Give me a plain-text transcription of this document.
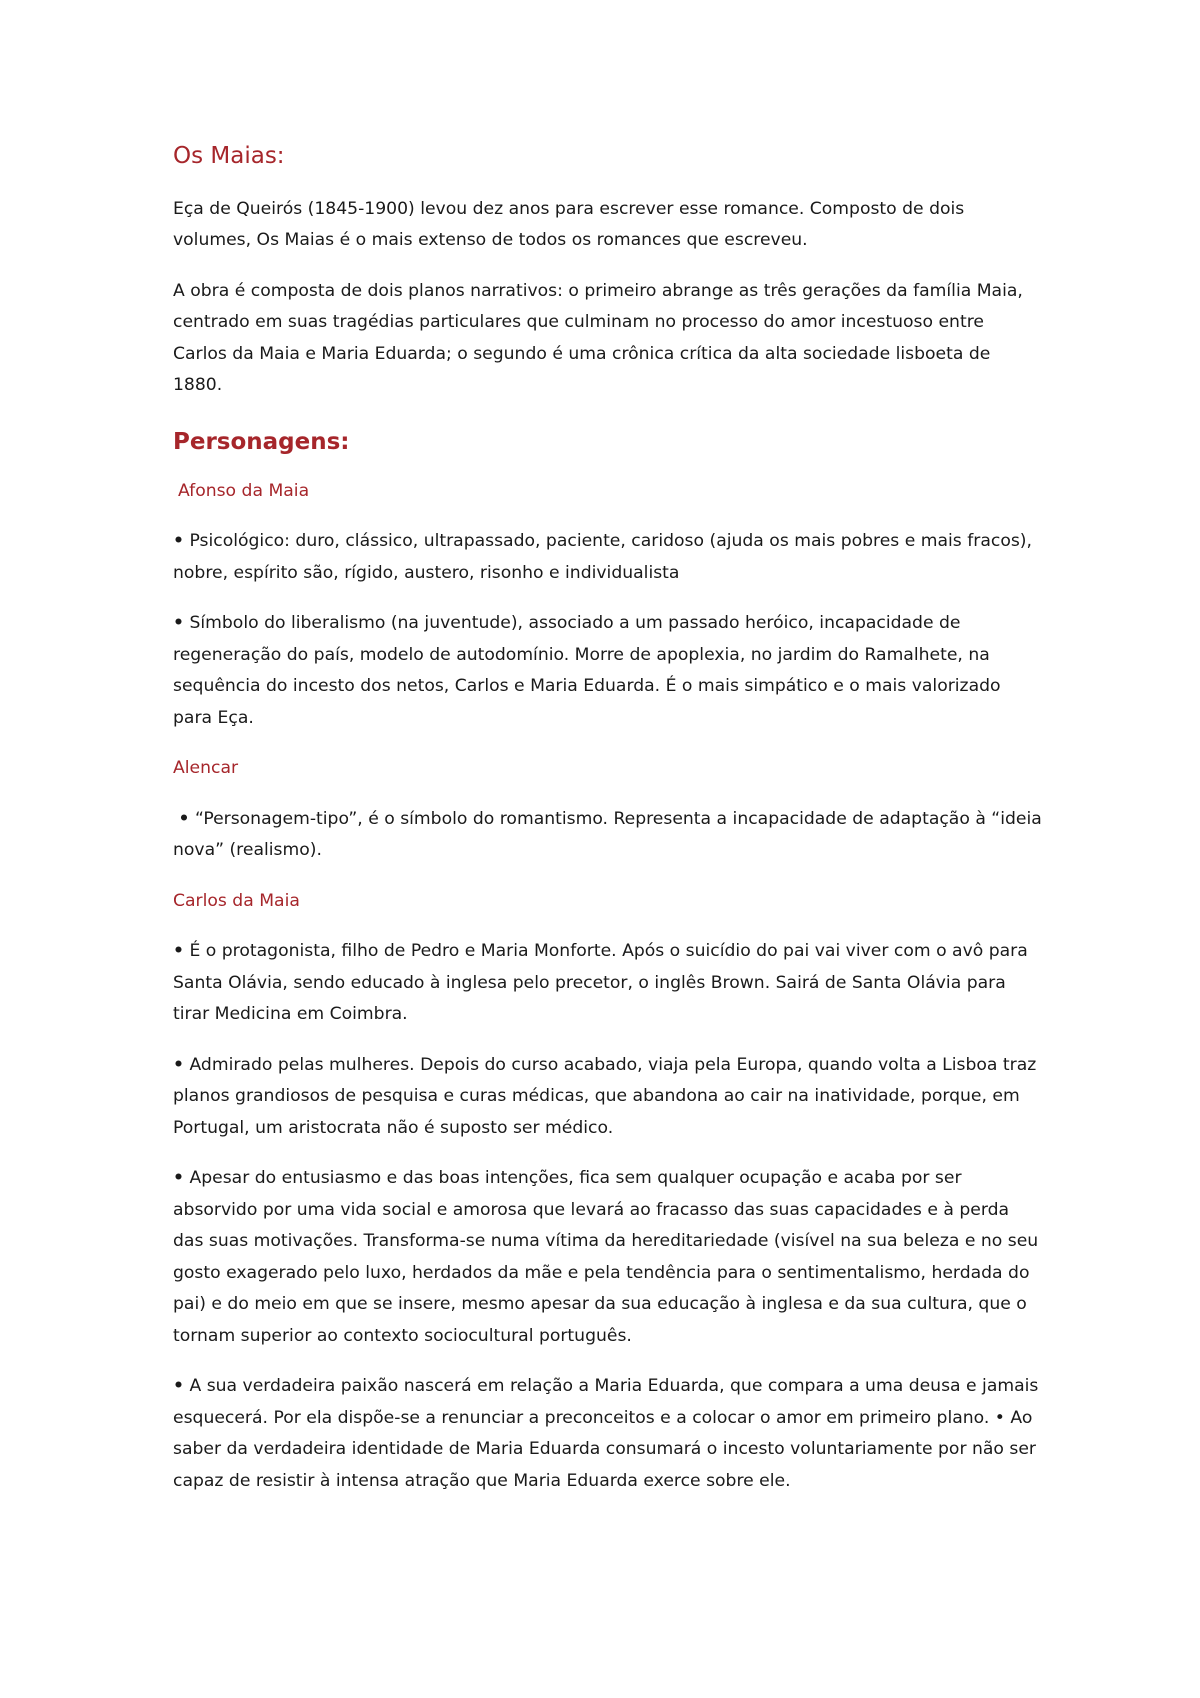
Os Maias:

Eça de Queirós (1845-1900) levou dez anos para escrever esse romance. Composto de dois volumes, Os Maias é o mais extenso de todos os romances que escreveu.

A obra é composta de dois planos narrativos: o primeiro abrange as três gerações da família Maia, centrado em suas tragédias particulares que culminam no processo do amor incestuoso entre Carlos da Maia e Maria Eduarda; o segundo é uma crônica crítica da alta sociedade lisboeta de 1880.

Personagens:
Afonso da Maia

• Psicológico: duro, clássico, ultrapassado, paciente, caridoso (ajuda os mais pobres e mais fracos), nobre, espírito são, rígido, austero, risonho e individualista

• Símbolo do liberalismo (na juventude), associado a um passado heróico, incapacidade de regeneração do país, modelo de autodomínio. Morre de apoplexia, no jardim do Ramalhete, na sequência do incesto dos netos, Carlos e Maria Eduarda. É o mais simpático e o mais valorizado para Eça.

Alencar

• “Personagem-tipo”, é o símbolo do romantismo. Representa a incapacidade de adaptação à “ideia nova” (realismo).

Carlos da Maia

• É o protagonista, filho de Pedro e Maria Monforte. Após o suicídio do pai vai viver com o avô para Santa Olávia, sendo educado à inglesa pelo precetor, o inglês Brown. Sairá de Santa Olávia para tirar Medicina em Coimbra.

• Admirado pelas mulheres. Depois do curso acabado, viaja pela Europa, quando volta a Lisboa traz planos grandiosos de pesquisa e curas médicas, que abandona ao cair na inatividade, porque, em Portugal, um aristocrata não é suposto ser médico.

• Apesar do entusiasmo e das boas intenções, fica sem qualquer ocupação e acaba por ser absorvido por uma vida social e amorosa que levará ao fracasso das suas capacidades e à perda das suas motivações. Transforma-se numa vítima da hereditariedade (visível na sua beleza e no seu gosto exagerado pelo luxo, herdados da mãe e pela tendência para o sentimentalismo, herdada do pai) e do meio em que se insere, mesmo apesar da sua educação à inglesa e da sua cultura, que o tornam superior ao contexto sociocultural português.

• A sua verdadeira paixão nascerá em relação a Maria Eduarda, que compara a uma deusa e jamais esquecerá. Por ela dispõe-se a renunciar a preconceitos e a colocar o amor em primeiro plano. • Ao saber da verdadeira identidade de Maria Eduarda consumará o incesto voluntariamente por não ser capaz de resistir à intensa atração que Maria Eduarda exerce sobre ele.
